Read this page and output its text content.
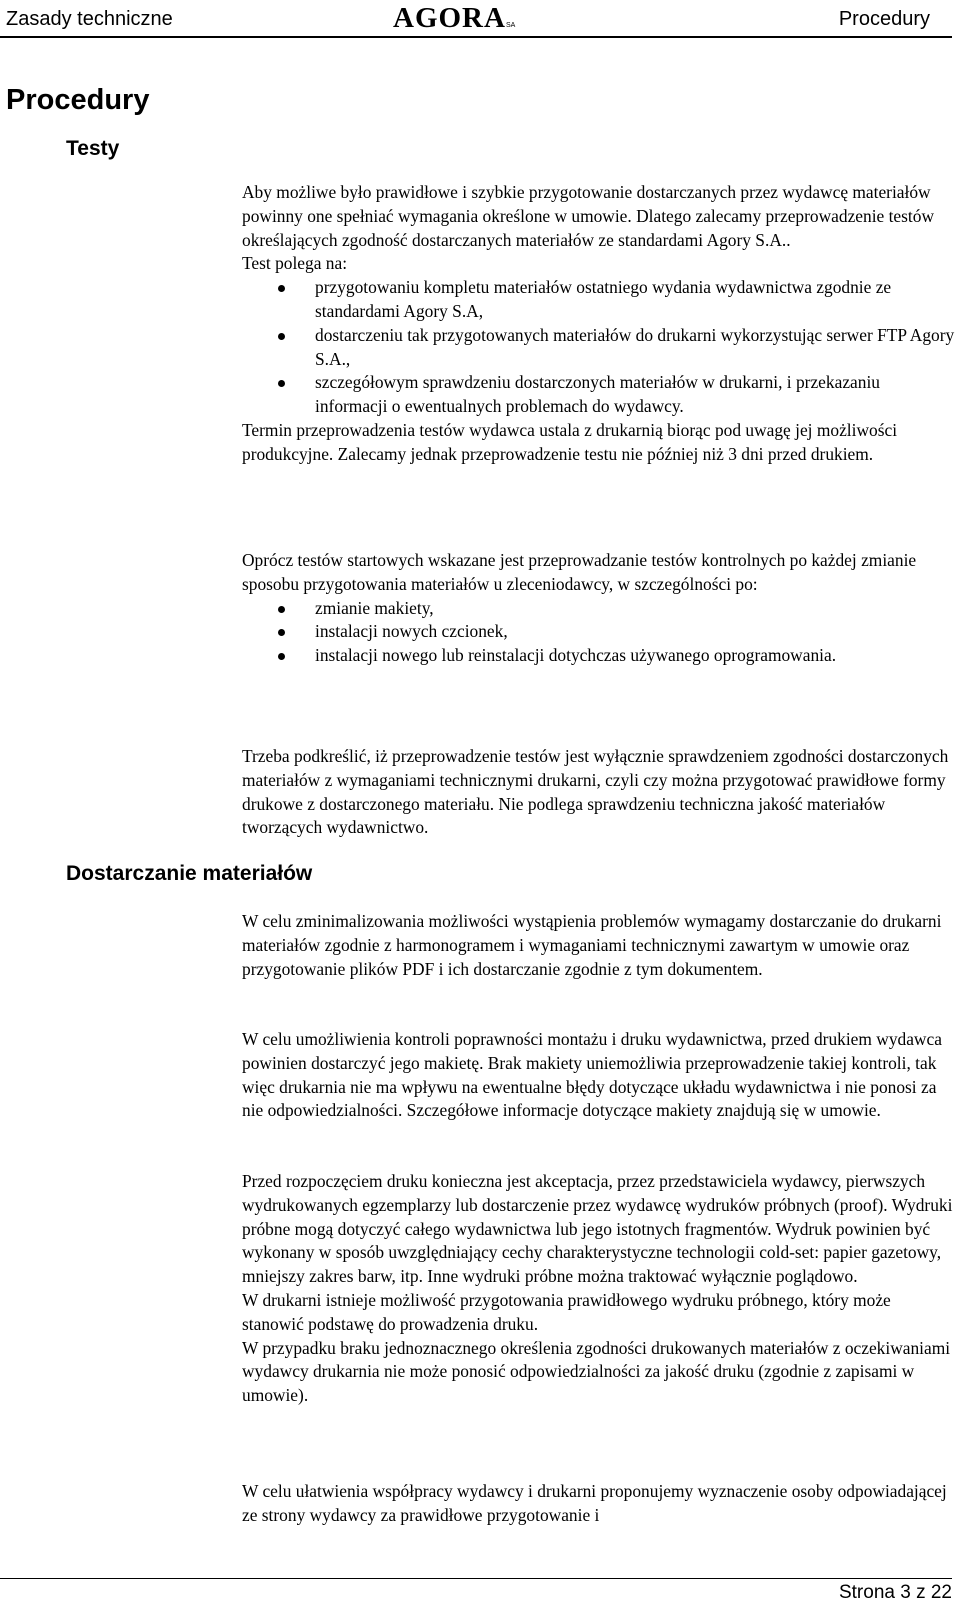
Zasady techniczne	AGORASA	Procedury
Procedury
Testy

Aby możliwe było prawidłowe i szybkie przygotowanie dostarczanych przez wydawcę materiałów powinny one spełniać wymagania określone w umowie. Dlatego zalecamy przeprowadzenie testów określających zgodność dostarczanych materiałów ze standardami Agory S.A..

Test polega na:

przygotowaniu kompletu materiałów ostatniego wydania wydawnictwa zgodnie ze standardami Agory S.A,
dostarczeniu tak przygotowanych materiałów do drukarni wykorzystując serwer FTP Agory S.A.,
szczegółowym sprawdzeniu dostarczonych materiałów w drukarni, i przekazaniu informacji o ewentualnych problemach do wydawcy.

Termin przeprowadzenia testów wydawca ustala z drukarnią biorąc pod uwagę jej możliwości produkcyjne. Zalecamy jednak przeprowadzenie testu nie później niż 3 dni przed drukiem.

Oprócz testów startowych wskazane jest przeprowadzanie testów kontrolnych po każdej zmianie sposobu przygotowania materiałów u zleceniodawcy, w szczególności po:

zmianie makiety,
instalacji nowych czcionek,
instalacji nowego lub reinstalacji dotychczas używanego oprogramowania.

Trzeba podkreślić, iż przeprowadzenie testów jest wyłącznie sprawdzeniem zgodności dostarczonych materiałów z wymaganiami technicznymi drukarni, czyli czy można przygotować prawidłowe formy drukowe z dostarczonego materiału. Nie podlega sprawdzeniu techniczna jakość materiałów tworzących wydawnictwo.

Dostarczanie materiałów

W celu zminimalizowania możliwości wystąpienia problemów wymagamy dostarczanie do drukarni materiałów zgodnie z harmonogramem i wymaganiami technicznymi zawartym w umowie oraz przygotowanie plików PDF i ich dostarczanie zgodnie z tym dokumentem.

W celu umożliwienia kontroli poprawności montażu i druku wydawnictwa, przed drukiem wydawca powinien dostarczyć jego makietę. Brak makiety uniemożliwia przeprowadzenie takiej kontroli, tak więc drukarnia nie ma wpływu na ewentualne błędy dotyczące układu wydawnictwa i nie ponosi za nie odpowiedzialności. Szczegółowe informacje dotyczące makiety znajdują się w umowie.

Przed rozpoczęciem druku konieczna jest akceptacja, przez przedstawiciela wydawcy, pierwszych wydrukowanych egzemplarzy lub dostarczenie przez wydawcę wydruków próbnych (proof). Wydruki próbne mogą dotyczyć całego wydawnictwa lub jego istotnych fragmentów. Wydruk powinien być wykonany w sposób uwzględniający cechy charakterystyczne technologii cold-set: papier gazetowy, mniejszy zakres barw, itp. Inne wydruki próbne można traktować wyłącznie poglądowo.

W drukarni istnieje możliwość przygotowania prawidłowego wydruku próbnego, który może stanowić podstawę do prowadzenia druku.

W przypadku braku jednoznacznego określenia zgodności drukowanych materiałów z oczekiwaniami wydawcy drukarnia nie może ponosić odpowiedzialności za jakość druku (zgodnie z zapisami w umowie).

W celu ułatwienia współpracy wydawcy i drukarni proponujemy wyznaczenie osoby odpowiadającej ze strony wydawcy za prawidłowe przygotowanie i

Strona 3 z 22
